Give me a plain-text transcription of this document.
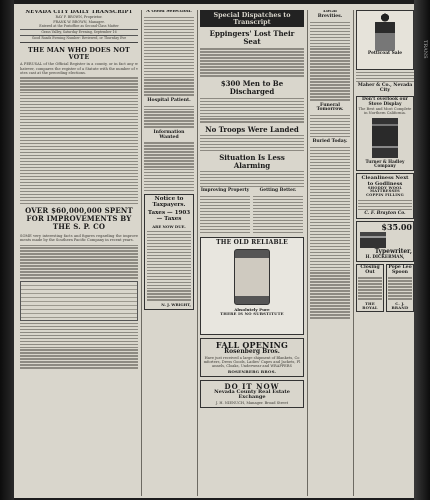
NEVADA CITY DAILY TRANSCRIPT
RAY F. BROWN, Proprietor.
FRANK W. BROWN, Manager.
Entered at the Postoffice as Second-Class Matter
Grass Valley, Saturday Evening, September 16
Good Roads Evening Number: Reviewed, or Thursday Eve
THE MAN WHO DOES NOT VOTE
A PERUSAL of the Official Register in a county, or in fact any whatever, compares the register of a Statute with the number of votes cast at the preceding elections.
OVER $60,000,000 SPENT FOR IMPROVEMENTS BY THE S. P. CO
SOME very interesting facts and figures regarding the improvements made by the Southern Pacific Company in recent years.
A Good Selection.
Hospital Patient.
Information Wanted
Notice to Taxpayers.
Taxes — 1903 — Taxes
ARE NOW DUE.
N. J. WRIGHT,
Special Dispatches to Transcript
Eppingers' Lost Their Seat
$300 Men to Be Discharged
No Troops Were Landed
Situation Is Less Alarming
Improving Property	Getting Better.
THE OLD RELIABLE
Absolutely Pure
THERE IS NO SUBSTITUTE
FALL OPENING
Rosenberg Bros.
Have just received a large shipment of Blankets, Comforters, Dress Goods, Ladies' Capes and Jackets, Flannels, Cloaks, Underwear and WRAPPERS
ROSENBERG BROS.
DO IT NOW
Nevada County Real Estate Exchange
J. H. NIENUCH, Manager. Broad Street
Local Brevities.
Funeral Tomorrow.
Buried Today.
Petticoat Sale
Maher & Co., Nevada City
Don't overlook our Stove Display
The Best and Most Complete in Northern California.
Turner & Hadley Company
Cleanliness Next to Godliness
SHODDY WOOL MATTRESSES
COPPIN FILLING
C. F. Brayton Co.
$35.00
Typewriter,
H. DICKERMAN,
Closing Out
THE ROYAL
Pope Leo Spoon
C. J. BRAND
TRANS
